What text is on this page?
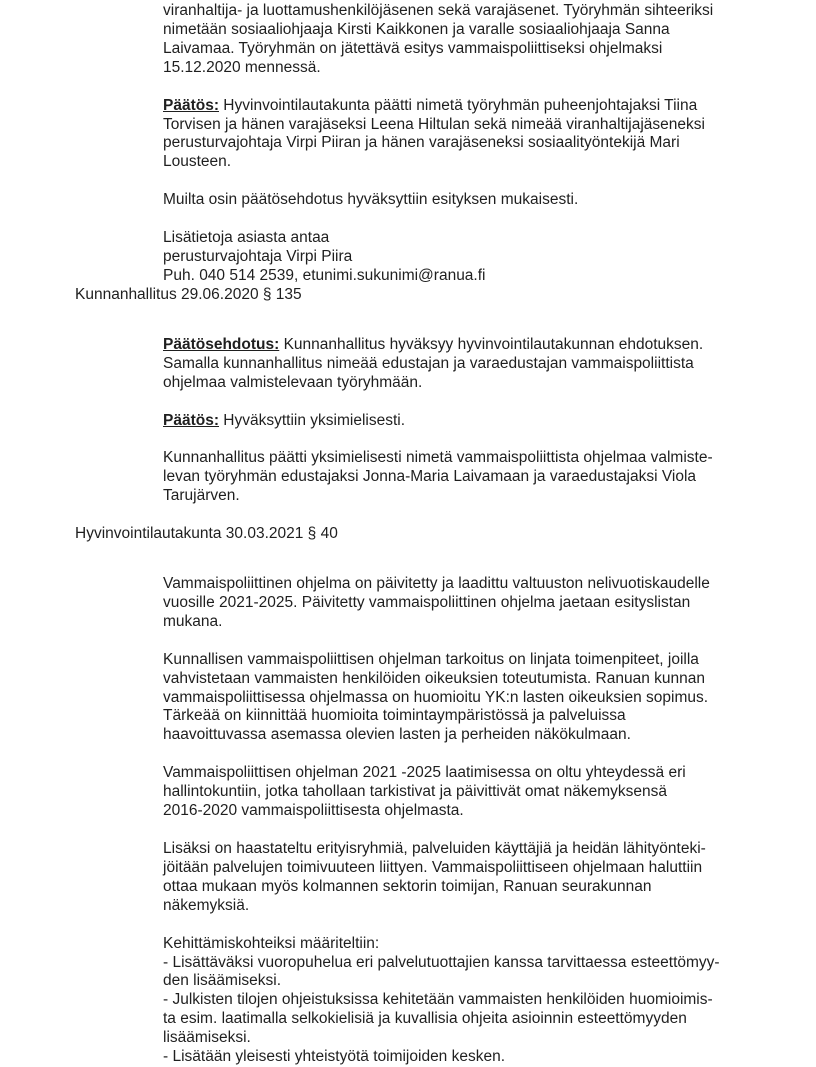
viranhaltija- ja luottamushenkilöjäsenen sekä varajäsenet. Työryhmän sihteeriksi
nimetään sosiaaliohjaaja Kirsti Kaikkonen ja varalle sosiaaliohjaaja Sanna
Laivamaa. Työryhmän on jätettävä esitys vammaispoliittiseksi ohjelmaksi
15.12.2020 mennessä.
Päätös: Hyvinvointilautakunta päätti nimetä työryhmän puheenjohtajaksi Tiina
Torvisen ja hänen varajäseksi Leena Hiltulan sekä nimeää viranhaltijajäseneksi
perusturvajohtaja Virpi Piiran ja hänen varajäseneksi sosiaalityöntekijä Mari
Lousteen.
Muilta osin päätösehdotus hyväksyttiin esityksen mukaisesti.
Lisätietoja asiasta antaa
perusturvajohtaja Virpi Piira
Puh. 040 514 2539, etunimi.sukunimi@ranua.fi
Kunnanhallitus 29.06.2020 § 135
Päätösehdotus: Kunnanhallitus hyväksyy hyvinvointilautakunnan ehdotuksen.
Samalla kunnanhallitus nimeää edustajan ja varaedustajan vammaispoliittista
ohjelmaa valmistelevaan työryhmään.
Päätös: Hyväksyttiin yksimielisesti.
Kunnanhallitus päätti yksimielisesti nimetä vammaispoliittista ohjelmaa valmiste-
levan työryhmän edustajaksi Jonna-Maria Laivamaan ja varaedustajaksi Viola
Tarujärven.
Hyvinvointilautakunta 30.03.2021 § 40
Vammaispoliittinen ohjelma on päivitetty ja laadittu valtuuston nelivuotiskaudelle
vuosille 2021-2025. Päivitetty vammaispoliittinen ohjelma jaetaan esityslistan
mukana.
Kunnallisen vammaispoliittisen ohjelman tarkoitus on linjata toimenpiteet, joilla
vahvistetaan vammaisten henkilöiden oikeuksien toteutumista. Ranuan kunnan
vammaispoliittisessa ohjelmassa on huomioitu YK:n lasten oikeuksien sopimus.
Tärkeää on kiinnittää huomioita toimintaympäristössä ja palveluissa
haavoittuvassa asemassa olevien lasten ja perheiden näkökulmaan.
Vammaispoliittisen ohjelman 2021 -2025 laatimisessa on oltu yhteydessä eri
hallintokuntiin, jotka tahollaan tarkistivat ja päivittivät omat näkemyksensä
2016-2020 vammaispoliittisesta ohjelmasta.
Lisäksi on haastateltu erityisryhmiä, palveluiden käyttäjiä ja heidän lähityönteki-
jöitään palvelujen toimivuuteen liittyen. Vammaispoliittiseen ohjelmaan haluttiin
ottaa mukaan myös kolmannen sektorin toimijan, Ranuan seurakunnan
näkemyksiä.
Kehittämiskohteiksi määriteltiin:
- Lisättäväksi vuoropuhelua eri palvelutuottajien kanssa tarvittaessa esteettömyy-
den lisäämiseksi.
- Julkisten tilojen ohjeistuksissa kehitetään vammaisten henkilöiden huomioimis-
ta esim. laatimalla selkokielisiä ja kuvallisia ohjeita asioinnin esteettömyyden
lisäämiseksi.
- Lisätään yleisesti yhteistyötä toimijoiden kesken.
